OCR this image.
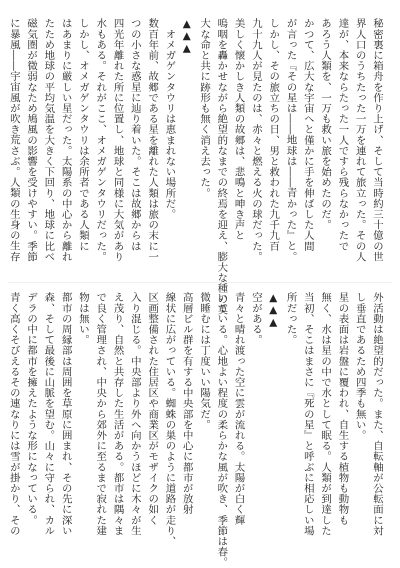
秘密裏に箱舟を作り上げ、そして当時約三十億の世
界人口のうちたった一万を連れて旅立った。その人
達が、本来ならたった一人ですら残らなかったで
あろう人類を、一万も救い旅を始めたのだ。
かつて、広大な宇宙へと僅かに手を伸ばした人間
が言った『その星は――地球は――青かった』と。
しかし、その旅立ちの日、男と救われた九千九百
九十九人が見たのは、赤々と燃える火の球だった。
美しく懐かしき人類の故郷は、悲鳴と呻き声と
嗚咽を轟かせながら絶望的なまでの終焉を迎え、膨大な種の莫
大な命と共に跡形も無く消え去った。
▲▲▲
　オメガゲンタウリは恵まれない場所だ。
数百年前、故郷である星を離れた人類は旅の末に一
つの小さな惑星に辿り着いた。そこは故郷からは
四光年離れた所に位置し、地球と同様に大気があり
水もある。それがここ、オメガゲンタウリだった。
しかし、オメガゲンタウリは余所者である人類に
はあまりに厳しい星だった。太陽系の中心から離れ
たため地球の平均気温を大きく下回り、地球に比べ
磁気圏が微弱なため鳩風の影響を受けやすい。季節
に暴風――宇宙風が吹き荒さぶ。人類の生身の生存
外活動は絶望的だった。また、自転軸が公転面に対
し垂直であるため四季も無い。
星の表面は岩盤に覆われ、自生する植物も動物も
無く、水は星の中で水として眠る。人類が到達した
当初、そこはまさに『死の星』と呼ぶに相応しい場
所だった。
▲▲▲
空がある。
青々と晴れ渡った空に雲が流れる。太陽が白く輝
いている。心地よい程度の柔らかな風が吹き、季節は春。
微睡むには丁度いい陽気だ。
高層ビル群を有する中央部を中心に都市が放射
線状に広がっている。蜘蛛の巣のように道路が走り、
区画整備された住居区や商業区がモザイクの如く
入り混じる。中央部より外へ向かうほどに木々が生
え茂り、自然と共存した生活がある。都市は隅々ま
で良く管理され、中央から郊外に至るまで寂れた建
物は無い。
都市の周縁部は周囲を草原に囲まれ、その先に深い
森、そして最後に山脈を望む。山々に守られ、カル
デラの中に都市を擁えたような形になっている。
青く高くそびえるその連なりには雪が掛かり、その
